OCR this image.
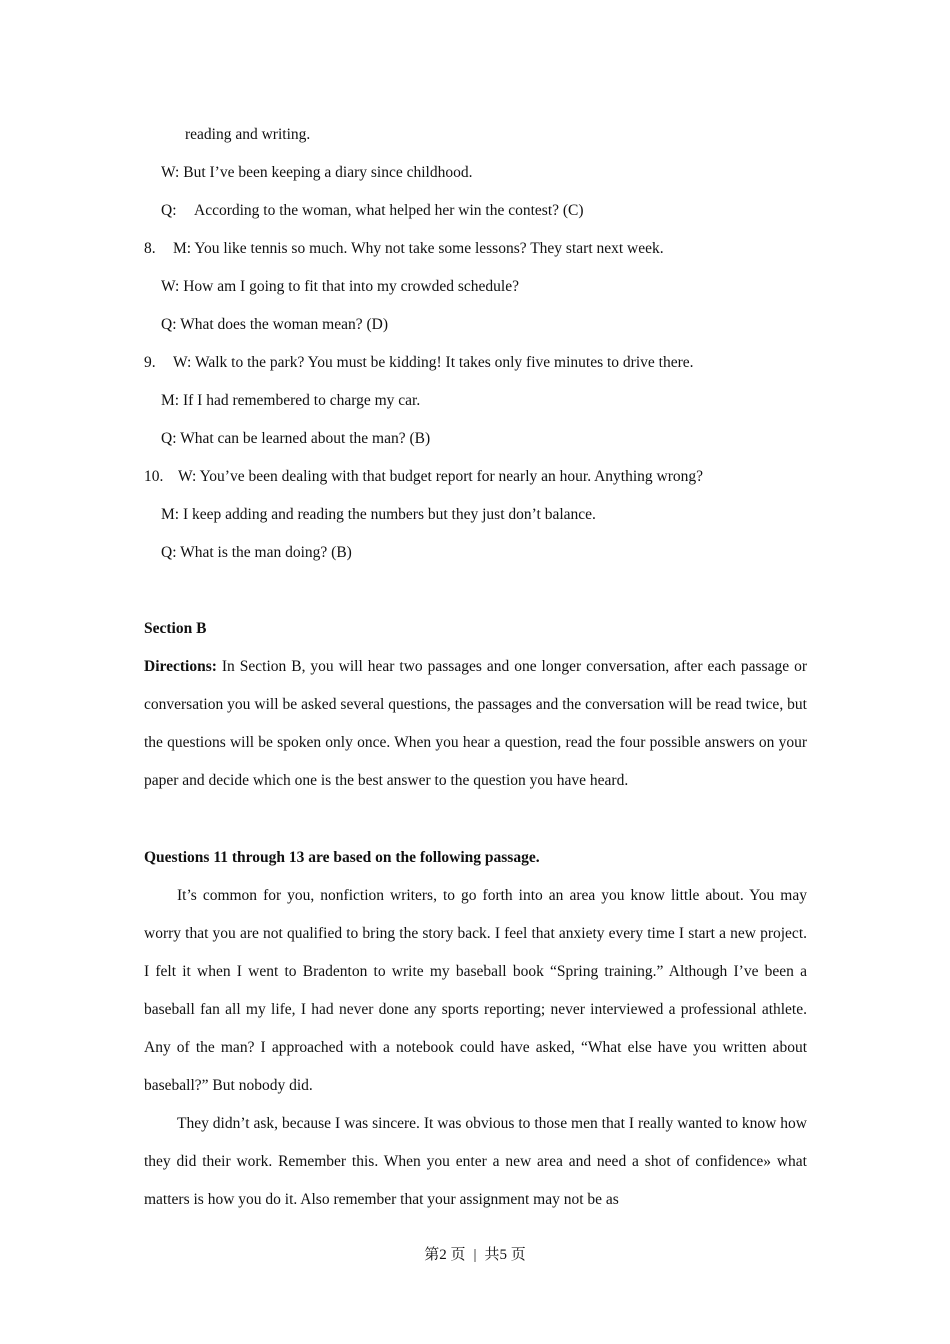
reading and writing.
W: But I’ve been keeping a diary since childhood.
Q: According to the woman, what helped her win the contest? (C)
8. M: You like tennis so much. Why not take some lessons? They start next week.
W: How am I going to fit that into my crowded schedule?
Q: What does the woman mean? (D)
9. W: Walk to the park? You must be kidding! It takes only five minutes to drive there.
M: If I had remembered to charge my car.
Q: What can be learned about the man? (B)
10. W: You’ve been dealing with that budget report for nearly an hour. Anything wrong?
M: I keep adding and reading the numbers but they just don’t balance.
Q: What is the man doing? (B)
Section B

Directions: In Section B, you will hear two passages and one longer conversation, after each passage or conversation you will be asked several questions, the passages and the conversation will be read twice, but the questions will be spoken only once. When you hear a question, read the four possible answers on your paper and decide which one is the best answer to the question you have heard.

Questions 11 through 13 are based on the following passage.

It’s common for you, nonfiction writers, to go forth into an area you know little about. You may worry that you are not qualified to bring the story back. I feel that anxiety every time I start a new project. I felt it when I went to Bradenton to write my baseball book “Spring training.” Although I’ve been a baseball fan all my life, I had never done any sports reporting; never interviewed a professional athlete. Any of the man? I approached with a notebook could have asked, “What else have you written about baseball?” But nobody did.

They didn’t ask, because I was sincere. It was obvious to those men that I really wanted to know how they did their work. Remember this. When you enter a new area and need a shot of confidence» what matters is how you do it. Also remember that your assignment may not be as

第2 页 | 共5 页
